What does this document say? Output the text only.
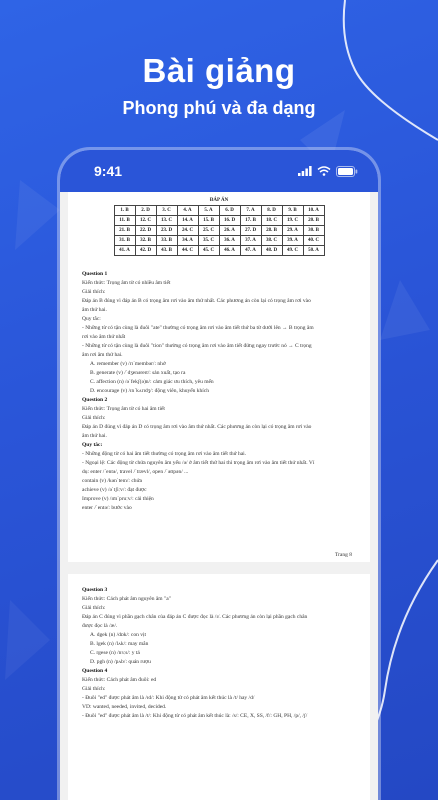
Bài giảng
Phong phú và đa dạng
9:41
ĐÁP ÁN
1. B	2. D	3. C	4. A	5. A	6. D	7. A	8. D	9. B	10. A
11. B	12. C	13. C	14. A	15. B	16. D	17. B	18. C	19. C	20. B
21. B	22. D	23. D	24. C	25. C	26. A	27. D	28. B	29. A	30. B
31. B	32. B	33. B	34. A	35. C	36. A	37. A	38. C	39. A	40. C
41. A	42. D	43. B	44. C	45. C	46. A	47. A	48. D	49. C	50. A
Question 1
Kiến thức: Trọng âm từ có nhiều âm tiết
Giải thích:
Đáp án B đúng vì đáp án B có trọng âm rơi vào âm thứ nhất. Các phương án còn lại có trọng âm rơi vào
âm thứ hai.
Quy tắc:
- Những từ có tận cùng là đuôi "ate" thường có trọng âm rơi vào âm tiết thứ ba từ dưới lên → B trọng âm
rơi vào âm thứ nhất
- Những từ có tận cùng là đuôi "tion" thường có trọng âm rơi vào âm tiết đứng ngay trước nó → C trọng
âm rơi âm thứ hai.
A. remember (v) /rɪˈmembər/: nhớ
B. generate (v) /ˈdʒenəreɪt/: sản xuất, tạo ra
C. affection (n) /əˈfekʃ(ə)n/: cảm giác ưu thích, yêu mến
D. encourage (v) /ɪnˈkʌrɪdʒ/: động viên, khuyến khích
Question 2
Kiến thức: Trọng âm từ có hai âm tiết
Giải thích:
Đáp án D đúng vì đáp án D có trọng âm rơi vào âm thứ nhất. Các phương án còn lại có trọng âm rơi vào
âm thứ hai.
Quy tắc:
- Những động từ có hai âm tiết thường có trọng âm rơi vào âm tiết thứ hai.
- Ngoại lệ: Các động từ chứa nguyên âm yếu /ə/ ở âm tiết thứ hai thì trọng âm rơi vào âm tiết thứ nhất. Ví
dụ: enter /ˈentə/, travel /ˈtrævl/, open /ˈəʊpən/ ...
contain (v) /kənˈteɪn/: chứa
achieve (v) /əˈtʃiːv/: đạt được
Improve (v) /ɪmˈpruːv/: cải thiện
enter /ˈentə/: bước vào
Trang 8
Question 3
Kiến thức: Cách phát âm nguyên âm "a"
Giải thích:
Đáp án C đúng vì phần gạch chân của đáp án C được đọc là /ɪ/. Các phương án còn lại phần gạch chân
được đọc là /æ/.
A. dgek (n) /dɒk/: con vịt
B. lgek (n) /lʌk/: may mắn
C. rgese (n) /nɜːs/: y tá
D. pgh (n) /pʌb/: quán rượu
Question 4
Kiến thức: Cách phát âm đuôi: ed
Giải thích:
- Đuôi "ed" được phát âm là /ɪd/: Khi động từ có phát âm kết thúc là /t/ hay /d/
VD: wanted, needed, invited, decided.
- Đuôi "ed" được phát âm là /t/: Khi động từ có phát âm kết thúc là: /s/: CE, X, SS, /f/: GH, PH, /p/, /ʃ/
